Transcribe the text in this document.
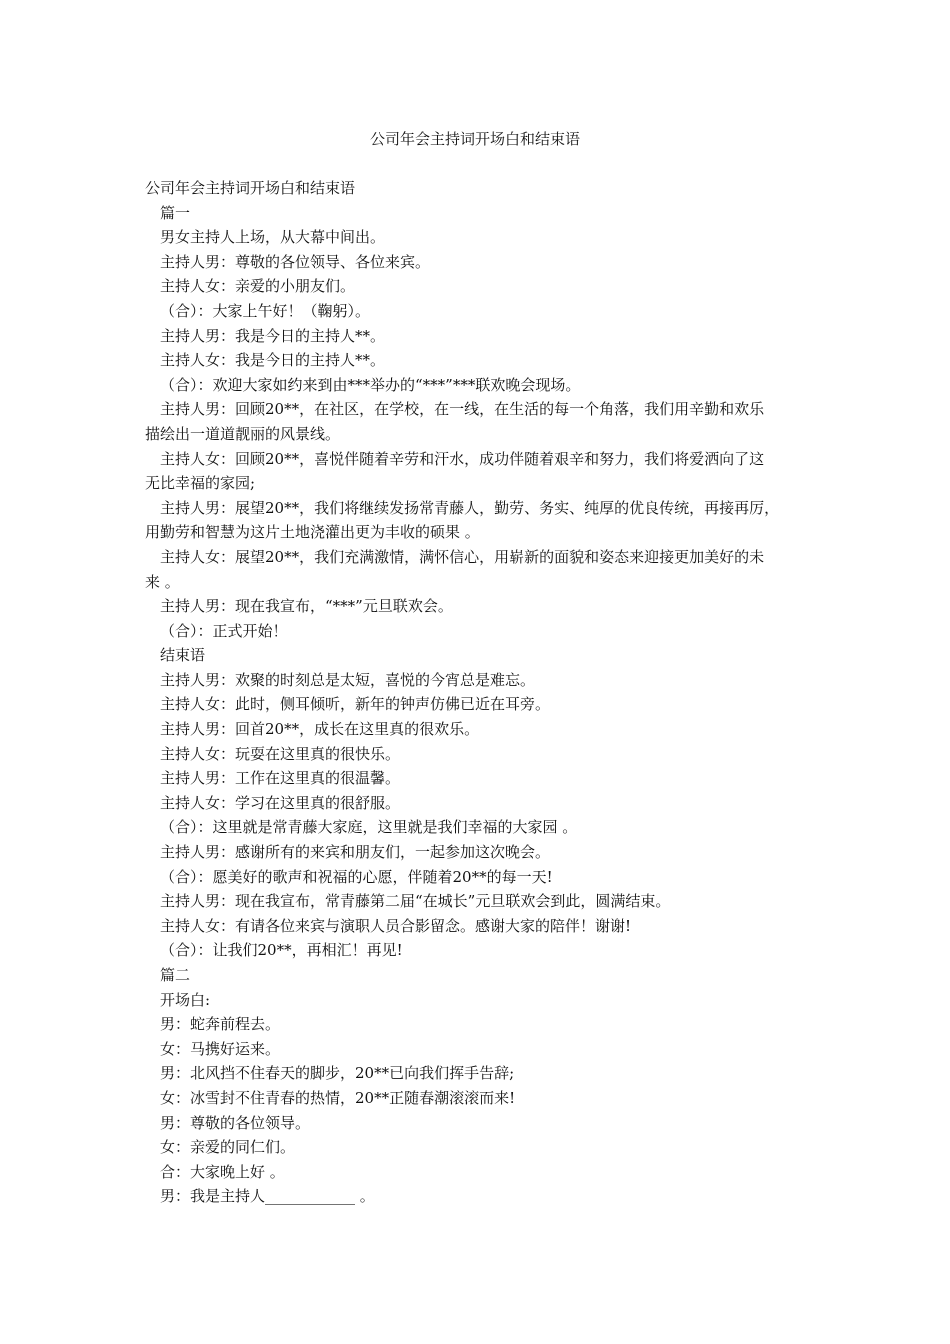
公司年会主持词开场白和结束语

公司年会主持词开场白和结束语

篇一

男女主持人上场，从大幕中间出。

主持人男：尊敬的各位领导、各位来宾。

主持人女：亲爱的小朋友们。

（合）：大家上午好！（鞠躬）。

主持人男：我是今日的主持人**。

主持人女：我是今日的主持人**。

（合）：欢迎大家如约来到由***举办的“***”***联欢晚会现场。

主持人男：回顾20**，在社区，在学校，在一线，在生活的每一个角落，我们用辛勤和欢乐

描绘出一道道靓丽的风景线。

主持人女：回顾20**，喜悦伴随着辛劳和汗水，成功伴随着艰辛和努力，我们将爱洒向了这

无比幸福的家园;

主持人男：展望20**，我们将继续发扬常青藤人，勤劳、务实、纯厚的优良传统，再接再厉，

用勤劳和智慧为这片土地浇灌出更为丰收的硕果 。

主持人女：展望20**，我们充满激情，满怀信心，用崭新的面貌和姿态来迎接更加美好的未

来 。

主持人男：现在我宣布，“***”元旦联欢会。

（合）：正式开始！

结束语

主持人男：欢聚的时刻总是太短，喜悦的今宵总是难忘。

主持人女：此时，侧耳倾听，新年的钟声仿佛已近在耳旁。

主持人男：回首20**，成长在这里真的很欢乐。

主持人女：玩耍在这里真的很快乐。

主持人男：工作在这里真的很温馨。

主持人女：学习在这里真的很舒服。

（合）：这里就是常青藤大家庭，这里就是我们幸福的大家园 。

主持人男：感谢所有的来宾和朋友们，一起参加这次晚会。

（合）：愿美好的歌声和祝福的心愿，伴随着20**的每一天!

主持人男：现在我宣布，常青藤第二届“在城长”元旦联欢会到此，圆满结束。

主持人女：有请各位来宾与演职人员合影留念。感谢大家的陪伴！谢谢!

（合）：让我们20**，再相汇！再见!

篇二

开场白:

男：蛇奔前程去。

女：马携好运来。

男：北风挡不住春天的脚步，20**已向我们挥手告辞;

女：冰雪封不住青春的热情，20**正随春潮滚滚而来!

男：尊敬的各位领导。

女：亲爱的同仁们。

合：大家晚上好 。

男：我是主持人____________ 。
